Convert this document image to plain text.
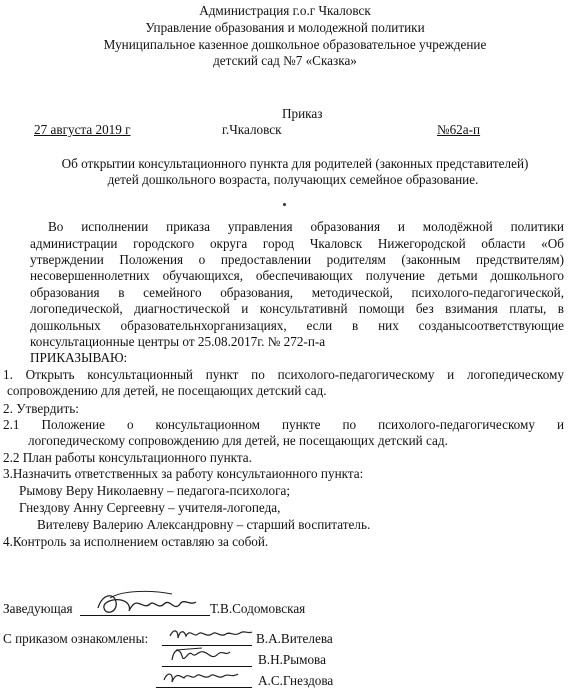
Администрация г.о.г Чкаловск
Управление образования и молодежной политики
Муниципальное казенное дошкольное образовательное учреждение
детский сад №7 «Сказка»
Приказ
27 августа 2019 г	г.Чкаловск	№62а-п
Об открытии консультационного пункта для родителей (законных представителей)
детей дошкольного возраста, получающих семейное образование.
Во исполнении приказа управления образования и молодёжной политики
администрации городского округа город Чкаловск Нижегородской области «Об
утверждении Положения о предоставлении родителям (законным предствителям)
несовершеннолетних обучающихся, обеспечивающих получение детьми дошкольного
образования в семейного образования, методической, психолого-педагогической,
логопедической, диагностической и консультативнй помощи без взимания платы, в
дошкольных образовательнхорганизациях, если в них созданысоответствующие
консультационные центры от 25.08.2017г. № 272-п-а
ПРИКАЗЫВАЮ:
1. Открыть консультационный пункт по психолого-педагогическому и логопедическому
сопровождению для детей, не посещающих детский сад.
2. Утвердить:
2.1 Положение о консультационном пункте по психолого-педагогическому и
логопедическому сопровождению для детей, не посещающих детский сад.
2.2 План работы консультационного пункта.
3.Назначить ответственных за работу консультаионного пункта:
Рымову Веру Николаевну – педагога-психолога;
Гнездову Анну Сергеевну – учителя-логопеда,
Вителеву Валерию Александровну – старший воспитатель.
4.Контроль за исполнением оставляю за собой.
Заведующая	Т.В.Содомовская
С приказом ознакомлены:	В.А.Вителева
В.Н.Рымова
А.С.Гнездова
